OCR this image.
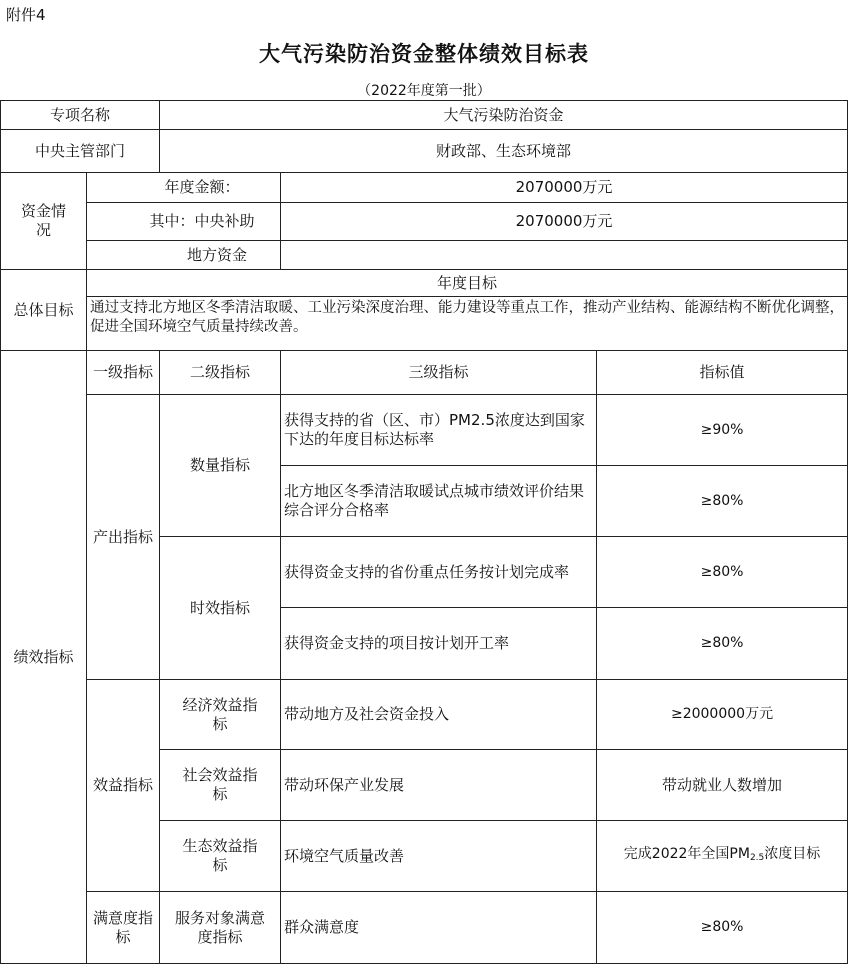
附件4
大气污染防治资金整体绩效目标表
（2022年度第一批）
专项名称		大气污染防治资金		
中央主管部门		财政部、生态环境部		
资金情况	年度金额：		2070000万元	
	其中：中央补助		2070000万元	
	地方资金			
总体目标	年度目标			
	通过支持北方地区冬季清洁取暖、工业污染深度治理、能力建设等重点工作，推动产业结构、能源结构不断优化调整，促进全国环境空气质量持续改善。			
绩效指标	一级指标	二级指标	三级指标	指标值
	产出指标	数量指标	获得支持的省（区、市）PM2.5浓度达到国家下达的年度目标达标率	≥90%
			北方地区冬季清洁取暖试点城市绩效评价结果综合评分合格率	≥80%
		时效指标	获得资金支持的省份重点任务按计划完成率	≥80%
			获得资金支持的项目按计划开工率	≥80%
	效益指标	经济效益指标	带动地方及社会资金投入	≥2000000万元
		社会效益指标	带动环保产业发展	带动就业人数增加
		生态效益指标	环境空气质量改善	完成2022年全国$PM_{2.5}$浓度目标
	满意度指标	服务对象满意度指标	群众满意度	≥80%
